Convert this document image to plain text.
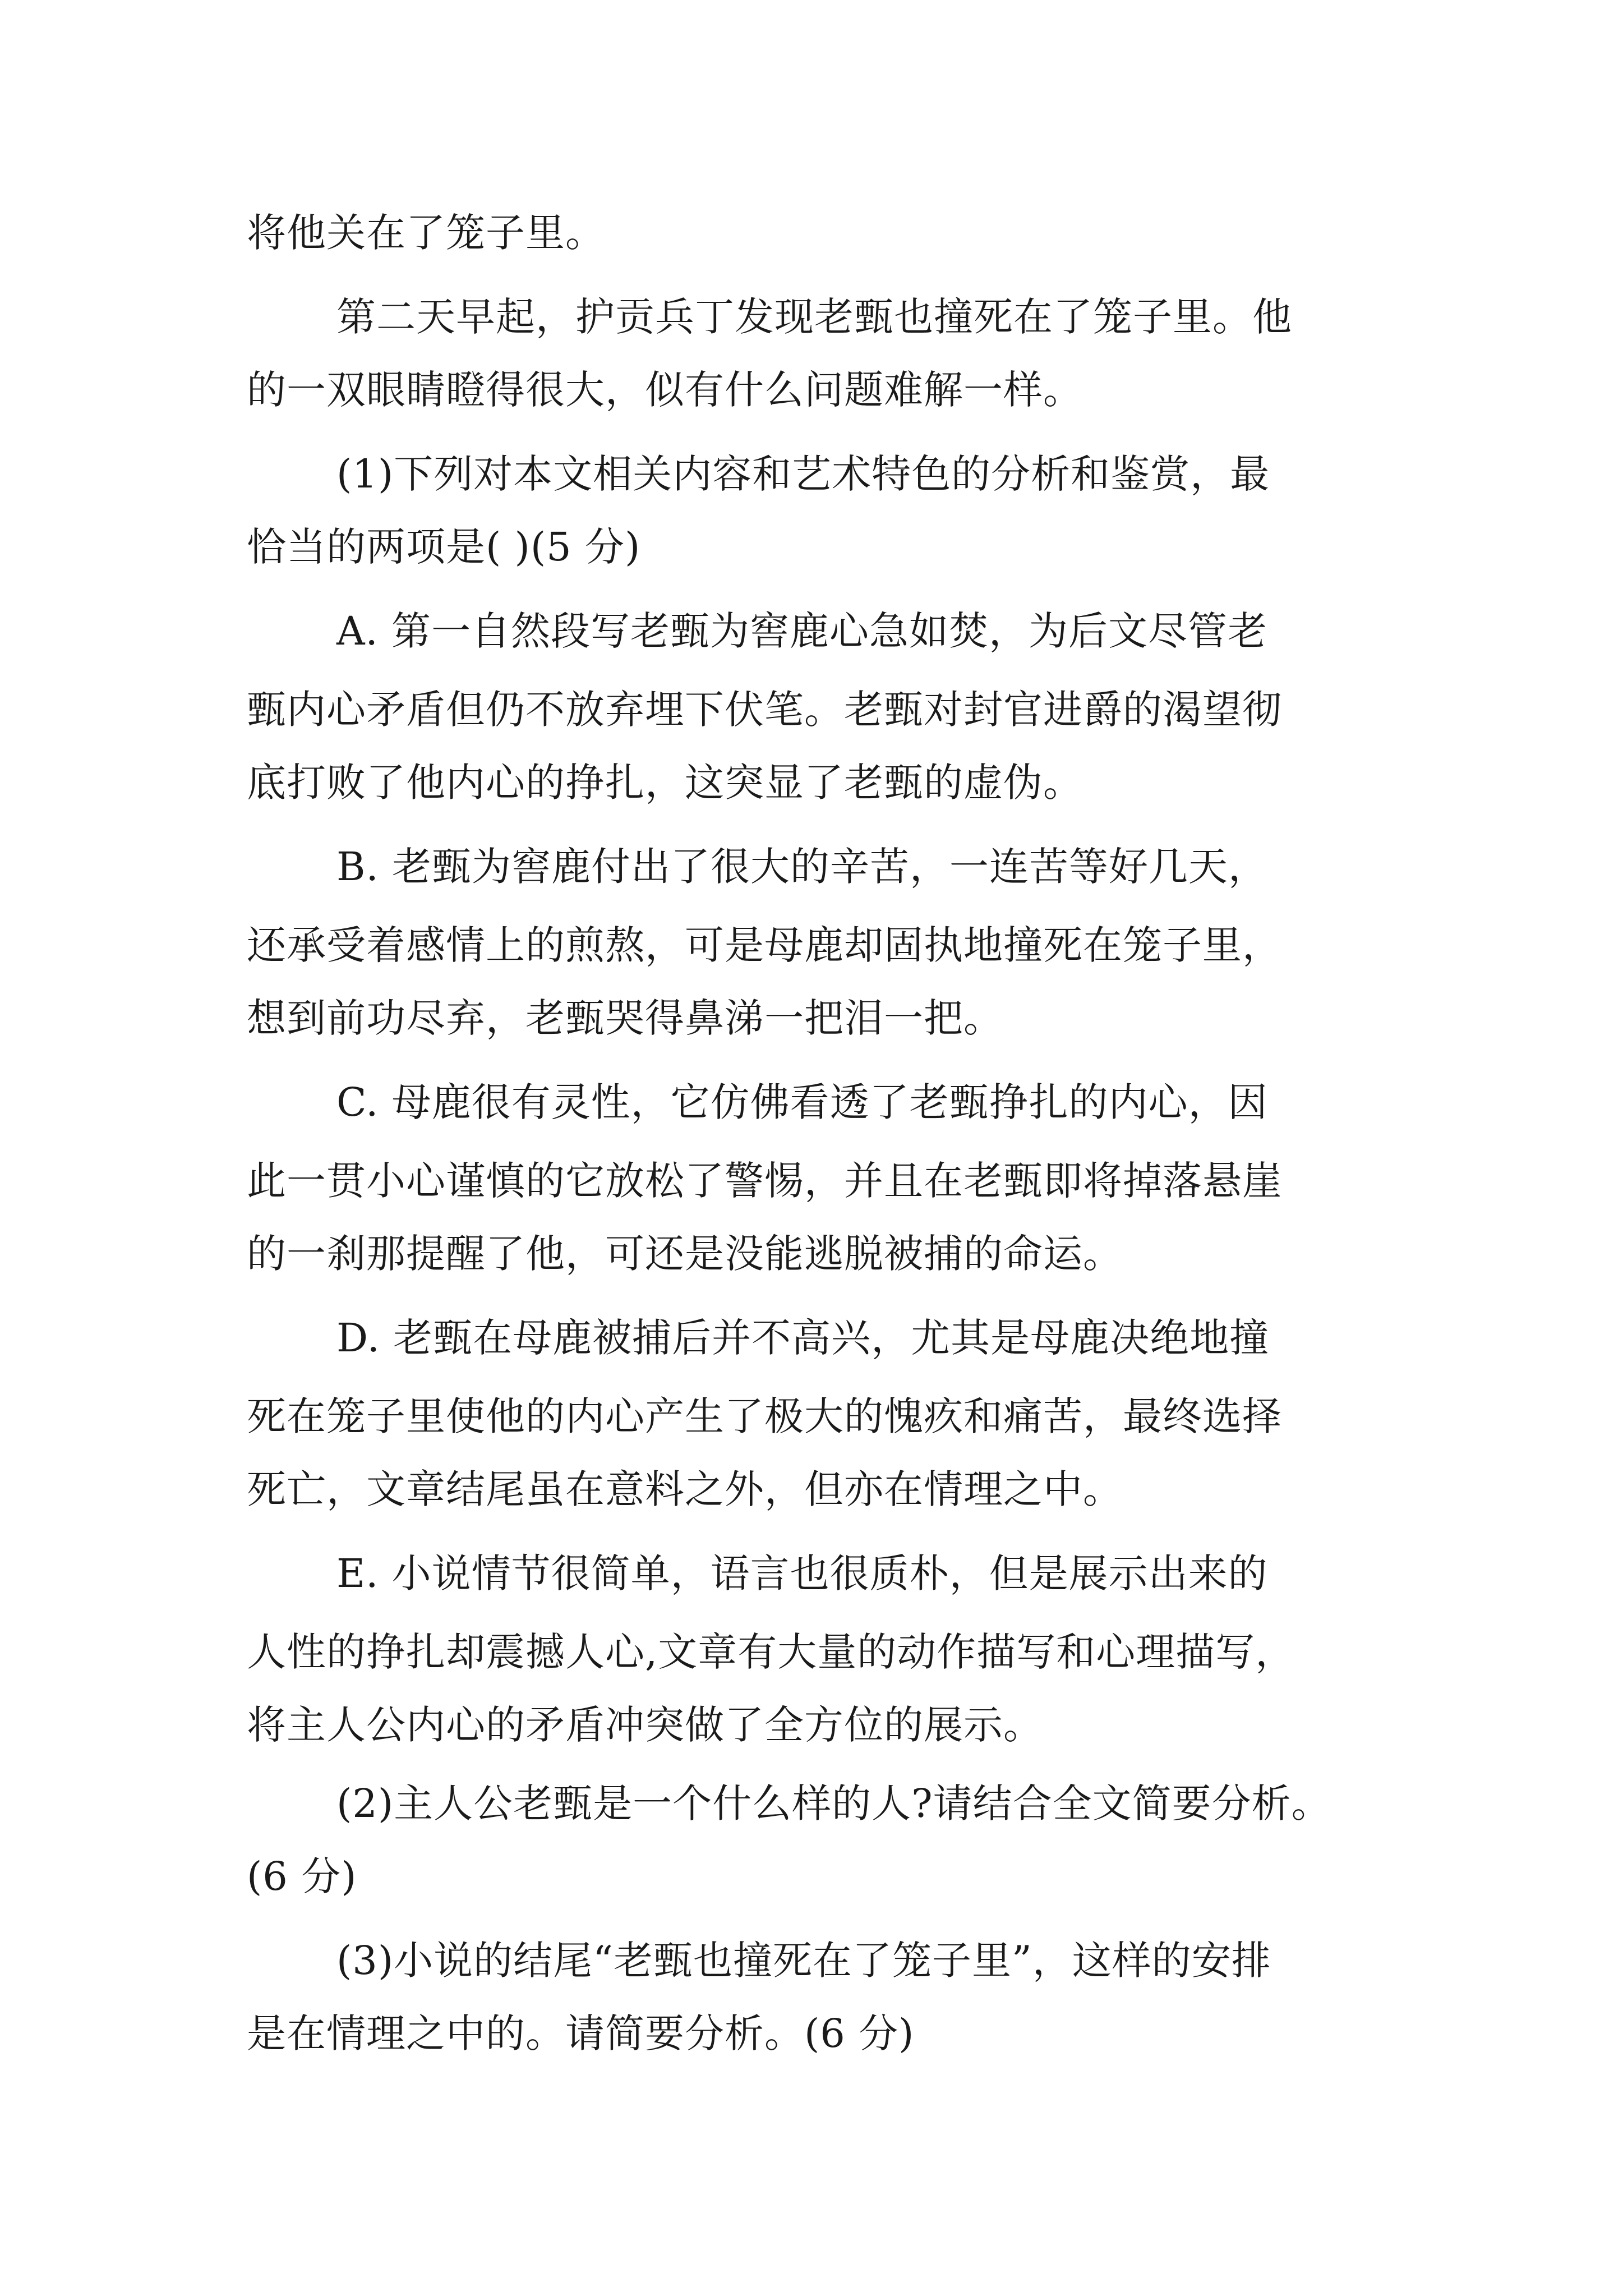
将他关在了笼子里。
第二天早起，护贡兵丁发现老甄也撞死在了笼子里。他
的一双眼睛瞪得很大，似有什么问题难解一样。
(1)下列对本文相关内容和艺术特色的分析和鉴赏，最
恰当的两项是( )(5 分)
A. 第一自然段写老甄为窖鹿心急如焚，为后文尽管老
甄内心矛盾但仍不放弃埋下伏笔。老甄对封官进爵的渴望彻
底打败了他内心的挣扎，这突显了老甄的虚伪。
B. 老甄为窖鹿付出了很大的辛苦，一连苦等好几天，
还承受着感情上的煎熬，可是母鹿却固执地撞死在笼子里，
想到前功尽弃，老甄哭得鼻涕一把泪一把。
C. 母鹿很有灵性，它仿佛看透了老甄挣扎的内心，因
此一贯小心谨慎的它放松了警惕，并且在老甄即将掉落悬崖
的一刹那提醒了他，可还是没能逃脱被捕的命运。
D. 老甄在母鹿被捕后并不高兴，尤其是母鹿决绝地撞
死在笼子里使他的内心产生了极大的愧疚和痛苦，最终选择
死亡，文章结尾虽在意料之外，但亦在情理之中。
E. 小说情节很简单，语言也很质朴，但是展示出来的
人性的挣扎却震撼人心,文章有大量的动作描写和心理描写，
将主人公内心的矛盾冲突做了全方位的展示。
(2)主人公老甄是一个什么样的人?请结合全文简要分析。
(6 分)
(3)小说的结尾“老甄也撞死在了笼子里”，这样的安排
是在情理之中的。请简要分析。(6 分)
